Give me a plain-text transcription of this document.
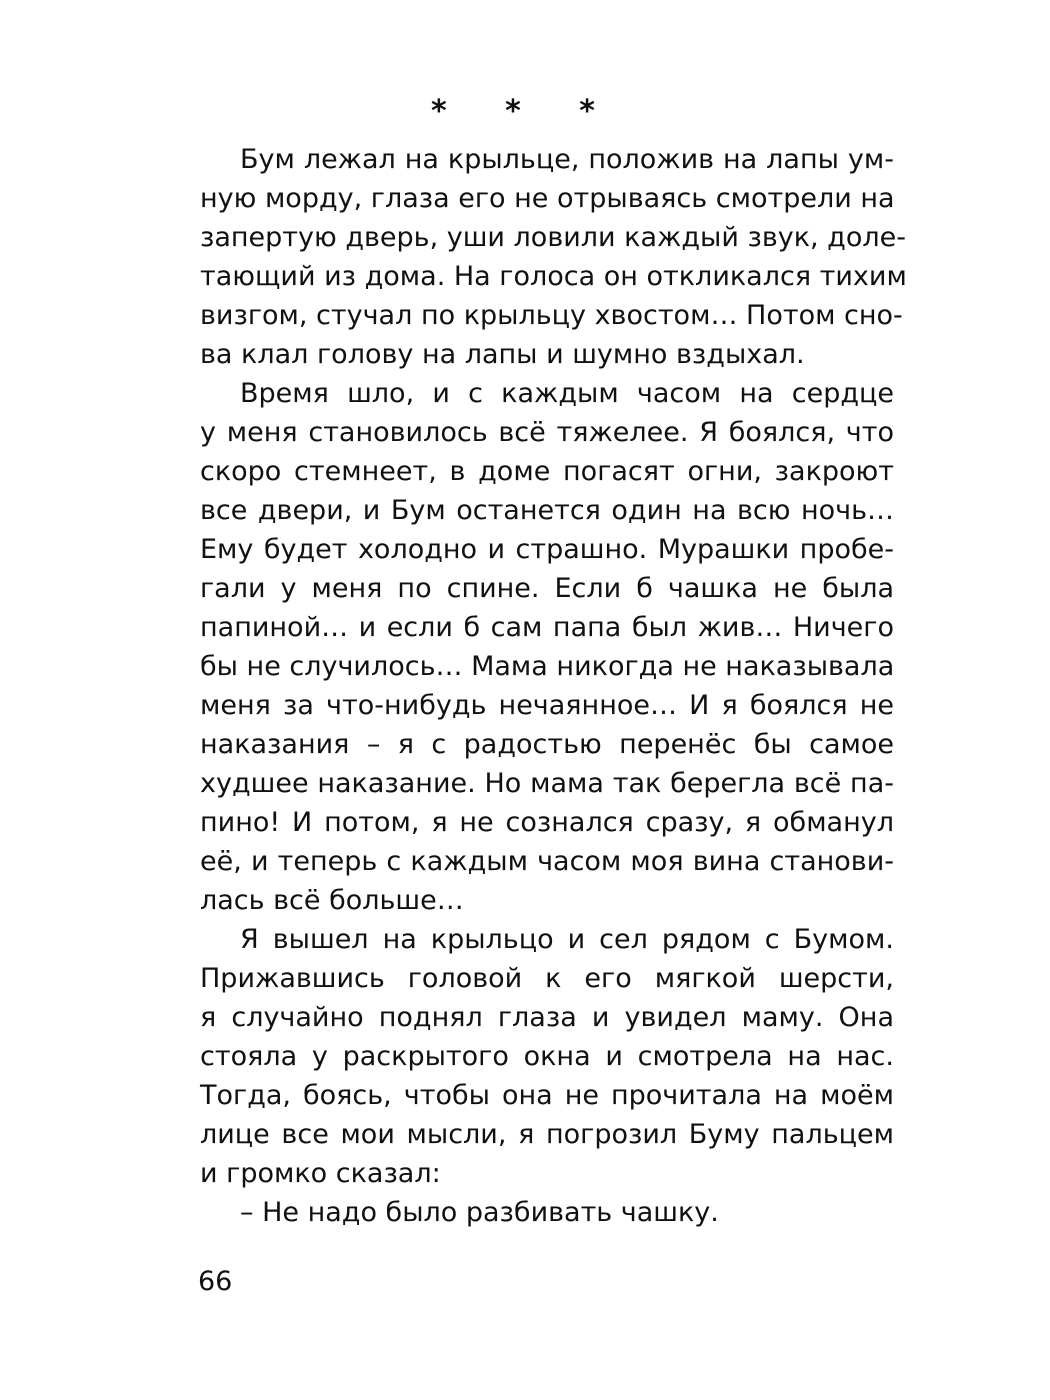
* * *
Бум лежал на крыльце, положив на лапы ум-
ную морду, глаза его не отрываясь смотрели на
запертую дверь, уши ловили каждый звук, доле-
тающий из дома. На голоса он откликался тихим
визгом, стучал по крыльцу хвостом… Потом сно-
ва клал голову на лапы и шумно вздыхал.
Время шло, и с каждым часом на сердце
у меня становилось всё тяжелее. Я боялся, что
скоро стемнеет, в доме погасят огни, закроют
все двери, и Бум останется один на всю ночь…
Ему будет холодно и страшно. Мурашки пробе-
гали у меня по спине. Если б чашка не была
папиной… и если б сам папа был жив… Ничего
бы не случилось… Мама никогда не наказывала
меня за что-нибудь нечаянное… И я боялся не
наказания – я с радостью перенёс бы самое
худшее наказание. Но мама так берегла всё па-
пино! И потом, я не сознался сразу, я обманул
её, и теперь с каждым часом моя вина станови-
лась всё больше…
Я вышел на крыльцо и сел рядом с Бумом.
Прижавшись головой к его мягкой шерсти,
я случайно поднял глаза и увидел маму. Она
стояла у раскрытого окна и смотрела на нас.
Тогда, боясь, чтобы она не прочитала на моём
лице все мои мысли, я погрозил Буму пальцем
и громко сказал:
– Не надо было разбивать чашку.
66
